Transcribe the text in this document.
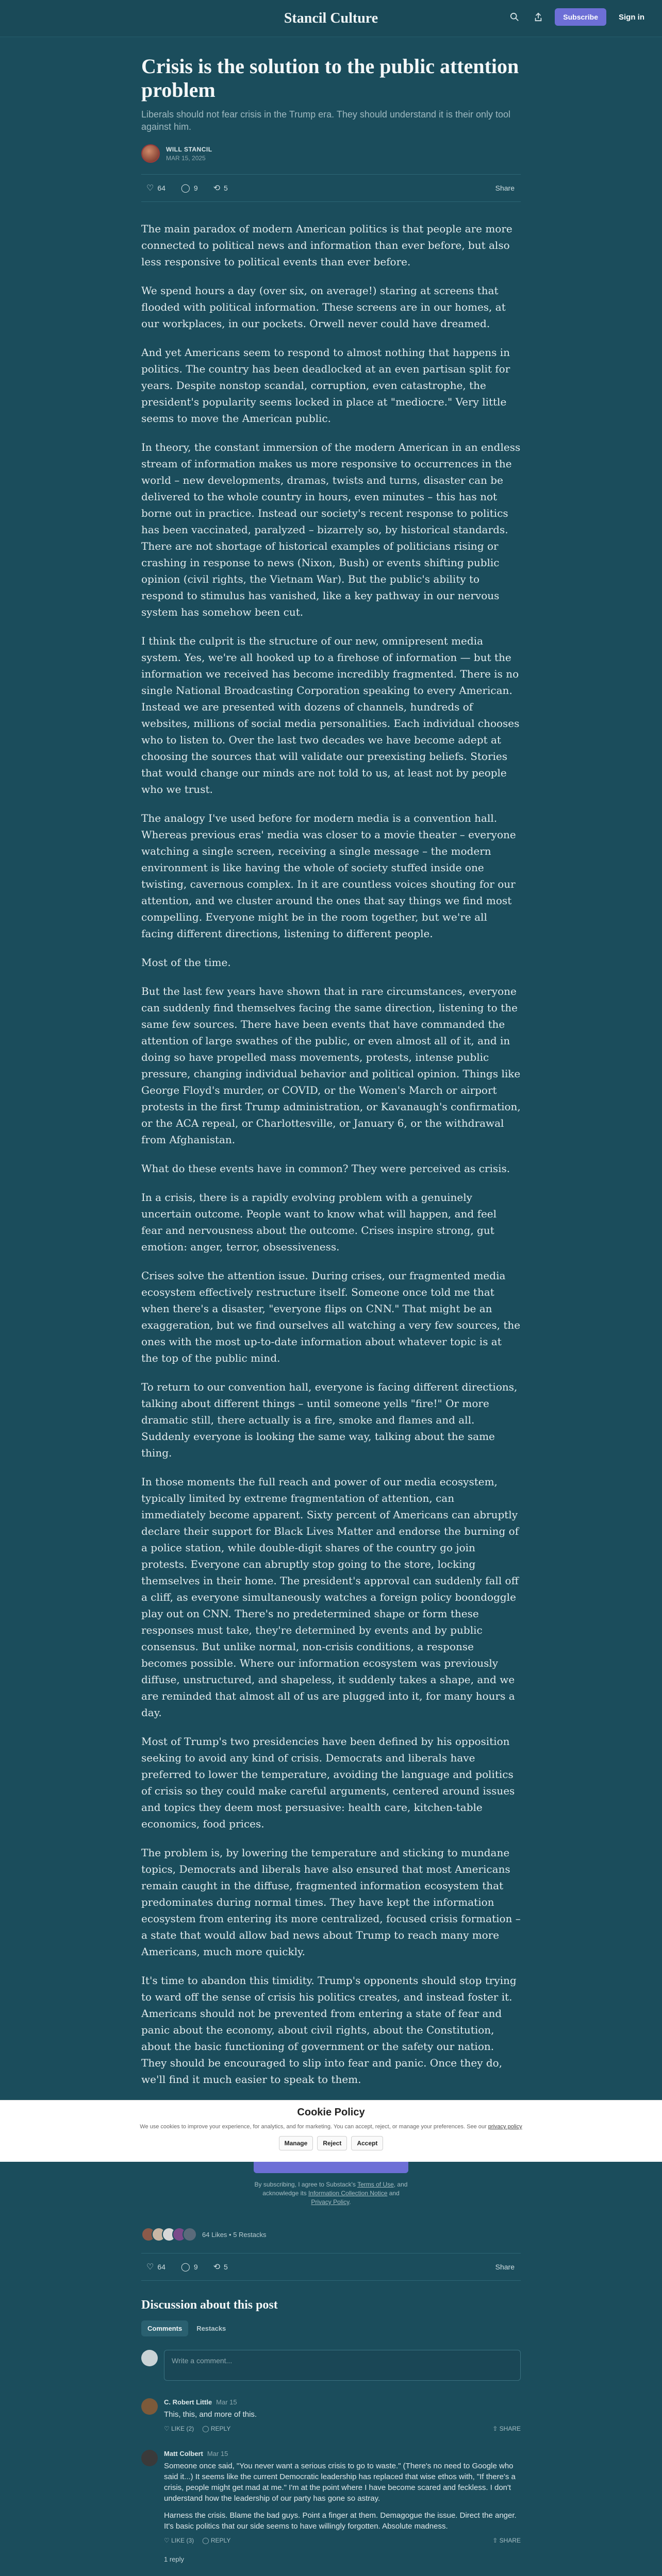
Stancil Culture	Subscribe	Sign in
Crisis is the solution to the public attention problem
Liberals should not fear crisis in the Trump era. They should understand it is their only tool against him.
WILL STANCIL
MAR 15, 2025
♡ 64 ◯ 9 ⟲ 5	Share

The main paradox of modern American politics is that people are more connected to political news and information than ever before, but also less responsive to political events than ever before.

We spend hours a day (over six, on average!) staring at screens that flooded with political information. These screens are in our homes, at our workplaces, in our pockets. Orwell never could have dreamed.

And yet Americans seem to respond to almost nothing that happens in politics. The country has been deadlocked at an even partisan split for years. Despite nonstop scandal, corruption, even catastrophe, the president's popularity seems locked in place at "mediocre." Very little seems to move the American public.

In theory, the constant immersion of the modern American in an endless stream of information makes us more responsive to occurrences in the world – new developments, dramas, twists and turns, disaster can be delivered to the whole country in hours, even minutes – this has not borne out in practice. Instead our society's recent response to politics has been vaccinated, paralyzed – bizarrely so, by historical standards. There are not shortage of historical examples of politicians rising or crashing in response to news (Nixon, Bush) or events shifting public opinion (civil rights, the Vietnam War). But the public's ability to respond to stimulus has vanished, like a key pathway in our nervous system has somehow been cut.

I think the culprit is the structure of our new, omnipresent media system. Yes, we're all hooked up to a firehose of information — but the information we received has become incredibly fragmented. There is no single National Broadcasting Corporation speaking to every American. Instead we are presented with dozens of channels, hundreds of websites, millions of social media personalities. Each individual chooses who to listen to. Over the last two decades we have become adept at choosing the sources that will validate our preexisting beliefs. Stories that would change our minds are not told to us, at least not by people who we trust.

The analogy I've used before for modern media is a convention hall. Whereas previous eras' media was closer to a movie theater – everyone watching a single screen, receiving a single message – the modern environment is like having the whole of society stuffed inside one twisting, cavernous complex. In it are countless voices shouting for our attention, and we cluster around the ones that say things we find most compelling. Everyone might be in the room together, but we're all facing different directions, listening to different people.

Most of the time.

But the last few years have shown that in rare circumstances, everyone can suddenly find themselves facing the same direction, listening to the same few sources. There have been events that have commanded the attention of large swathes of the public, or even almost all of it, and in doing so have propelled mass movements, protests, intense public pressure, changing individual behavior and political opinion. Things like George Floyd's murder, or COVID, or the Women's March or airport protests in the first Trump administration, or Kavanaugh's confirmation, or the ACA repeal, or Charlottesville, or January 6, or the withdrawal from Afghanistan.

What do these events have in common? They were perceived as crisis.

In a crisis, there is a rapidly evolving problem with a genuinely uncertain outcome. People want to know what will happen, and feel fear and nervousness about the outcome. Crises inspire strong, gut emotion: anger, terror, obsessiveness.

Crises solve the attention issue. During crises, our fragmented media ecosystem effectively restructure itself. Someone once told me that when there's a disaster, "everyone flips on CNN." That might be an exaggeration, but we find ourselves all watching a very few sources, the ones with the most up-to-date information about whatever topic is at the top of the public mind.

To return to our convention hall, everyone is facing different directions, talking about different things – until someone yells "fire!" Or more dramatic still, there actually is a fire, smoke and flames and all. Suddenly everyone is looking the same way, talking about the same thing.

In those moments the full reach and power of our media ecosystem, typically limited by extreme fragmentation of attention, can immediately become apparent. Sixty percent of Americans can abruptly declare their support for Black Lives Matter and endorse the burning of a police station, while double-digit shares of the country go join protests. Everyone can abruptly stop going to the store, locking themselves in their home. The president's approval can suddenly fall off a cliff, as everyone simultaneously watches a foreign policy boondoggle play out on CNN. There's no predetermined shape or form these responses must take, they're determined by events and by public consensus. But unlike normal, non-crisis conditions, a response becomes possible. Where our information ecosystem was previously diffuse, unstructured, and shapeless, it suddenly takes a shape, and we are reminded that almost all of us are plugged into it, for many hours a day.

Most of Trump's two presidencies have been defined by his opposition seeking to avoid any kind of crisis. Democrats and liberals have preferred to lower the temperature, avoiding the language and politics of crisis so they could make careful arguments, centered around issues and topics they deem most persuasive: health care, kitchen-table economics, food prices.

The problem is, by lowering the temperature and sticking to mundane topics, Democrats and liberals have also ensured that most Americans remain caught in the diffuse, fragmented information ecosystem that predominates during normal times. They have kept the information ecosystem from entering its more centralized, focused crisis formation – a state that would allow bad news about Trump to reach many more Americans, much more quickly.

It's time to abandon this timidity. Trump's opponents should stop trying to ward off the sense of crisis his politics creates, and instead foster it. Americans should not be prevented from entering a state of fear and panic about the economy, about civil rights, about the Constitution, about the basic functioning of government or the safety our nation. They should be encouraged to slip into fear and panic. Once they do, we'll find it much easier to speak to them.

Cookie Policy
We use cookies to improve your experience, for analytics, and for marketing. You can accept, reject, or manage your preferences. See our privacy policy
Manage	Reject	Accept
By subscribing, I agree to Substack's Terms of Use, and
acknowledge its Information Collection Notice and
Privacy Policy.
64 Likes • 5 Restacks
♡ 64 ◯ 9 ⟲ 5	Share
Discussion about this post
Comments	Restacks
Write a comment...
C. Robert Little Mar 15
This, this, and more of this.
♡ LIKE (2) ◯ REPLY	⇧ SHARE
Matt Colbert Mar 15
Someone once said, "You never want a serious crisis to go to waste." (There's no need to Google who said it...) It seems like the current Democratic leadership has replaced that wise ethos with, "If there's a crisis, people might get mad at me." I'm at the point where I have become scared and feckless. I don't understand how the leadership of our party has gone so astray.
Harness the crisis. Blame the bad guys. Point a finger at them. Demagogue the issue. Direct the anger. It's basic politics that our side seems to have willingly forgotten. Absolute madness.
♡ LIKE (3) ◯ REPLY	⇧ SHARE
1 reply
